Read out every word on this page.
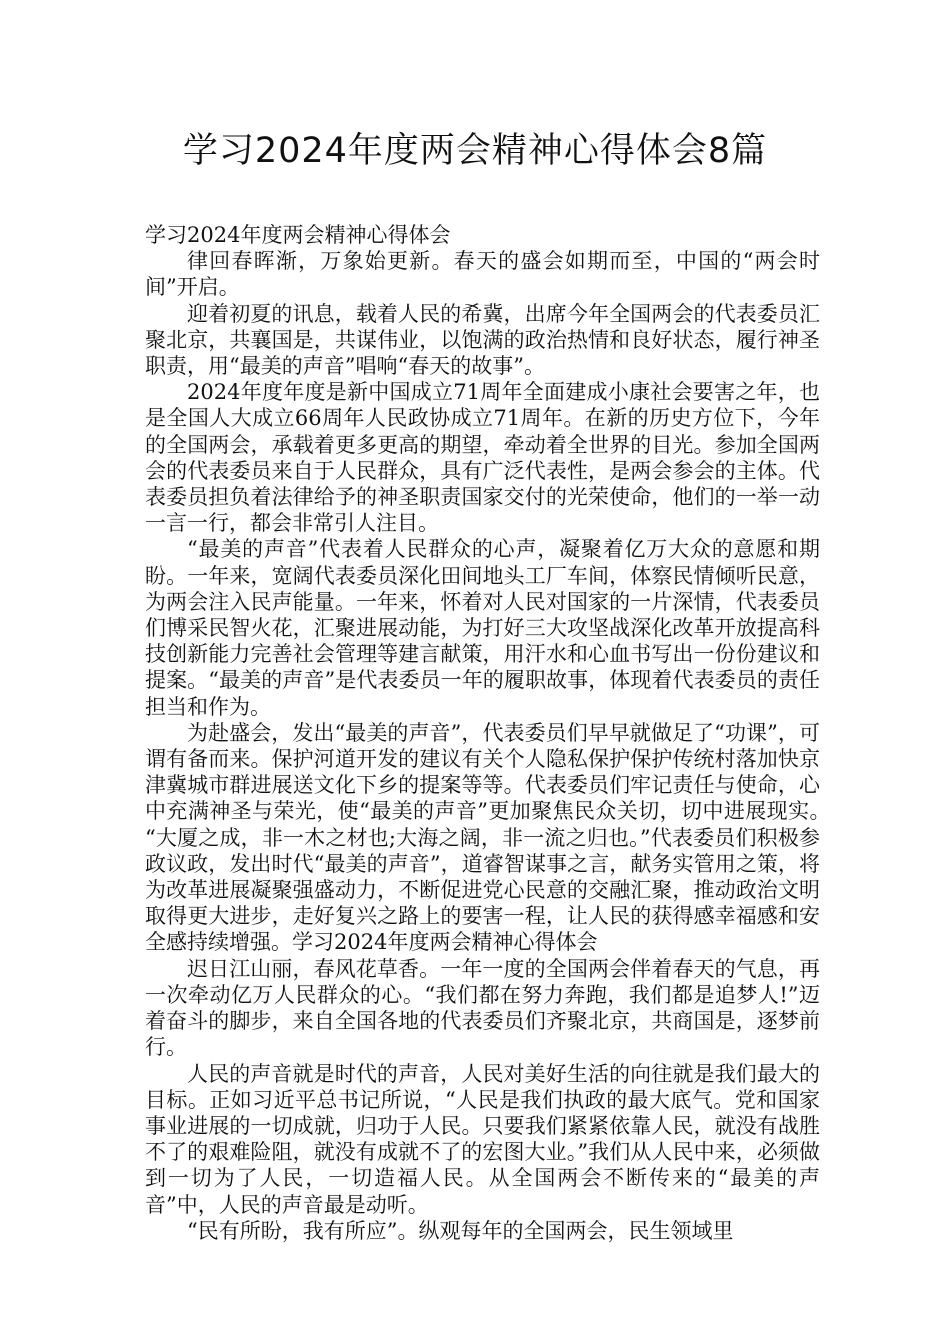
学习2024年度两会精神心得体会8篇

学习2024年度两会精神心得体会

律回春晖渐，万象始更新。春天的盛会如期而至，中国的“两会时间”开启。

迎着初夏的讯息，载着人民的希冀，出席今年全国两会的代表委员汇聚北京，共襄国是，共谋伟业，以饱满的政治热情和良好状态，履行神圣职责，用“最美的声音”唱响“春天的故事”。

2024年度年度是新中国成立71周年全面建成小康社会要害之年，也是全国人大成立66周年人民政协成立71周年。在新的历史方位下，今年的全国两会，承载着更多更高的期望，牵动着全世界的目光。参加全国两会的代表委员来自于人民群众，具有广泛代表性，是两会参会的主体。代表委员担负着法律给予的神圣职责国家交付的光荣使命，他们的一举一动一言一行，都会非常引人注目。

“最美的声音”代表着人民群众的心声，凝聚着亿万大众的意愿和期盼。一年来，宽阔代表委员深化田间地头工厂车间，体察民情倾听民意，为两会注入民声能量。一年来，怀着对人民对国家的一片深情，代表委员们博采民智火花，汇聚进展动能，为打好三大攻坚战深化改革开放提高科技创新能力完善社会管理等建言献策，用汗水和心血书写出一份份建议和提案。“最美的声音”是代表委员一年的履职故事，体现着代表委员的责任担当和作为。

为赴盛会，发出“最美的声音”，代表委员们早早就做足了“功课”，可谓有备而来。保护河道开发的建议有关个人隐私保护保护传统村落加快京津冀城市群进展送文化下乡的提案等等。代表委员们牢记责任与使命，心中充满神圣与荣光，使“最美的声音”更加聚焦民众关切，切中进展现实。　　“大厦之成，非一木之材也;大海之阔，非一流之归也。”代表委员们积极参政议政，发出时代“最美的声音”，道睿智谋事之言，献务实管用之策，将为改革进展凝聚强盛动力，不断促进党心民意的交融汇聚，推动政治文明取得更大进步，走好复兴之路上的要害一程，让人民的获得感幸福感和安全感持续增强。学习2024年度两会精神心得体会

迟日江山丽，春风花草香。一年一度的全国两会伴着春天的气息，再一次牵动亿万人民群众的心。“我们都在努力奔跑，我们都是追梦人!”迈着奋斗的脚步，来自全国各地的代表委员们齐聚北京，共商国是，逐梦前行。

人民的声音就是时代的声音，人民对美好生活的向往就是我们最大的目标。正如习近平总书记所说，“人民是我们执政的最大底气。党和国家事业进展的一切成就，归功于人民。只要我们紧紧依靠人民，就没有战胜不了的艰难险阻，就没有成就不了的宏图大业。”我们从人民中来，必须做到一切为了人民，一切造福人民。从全国两会不断传来的“最美的声音”中，人民的声音最是动听。

“民有所盼，我有所应”。纵观每年的全国两会，民生领域里
